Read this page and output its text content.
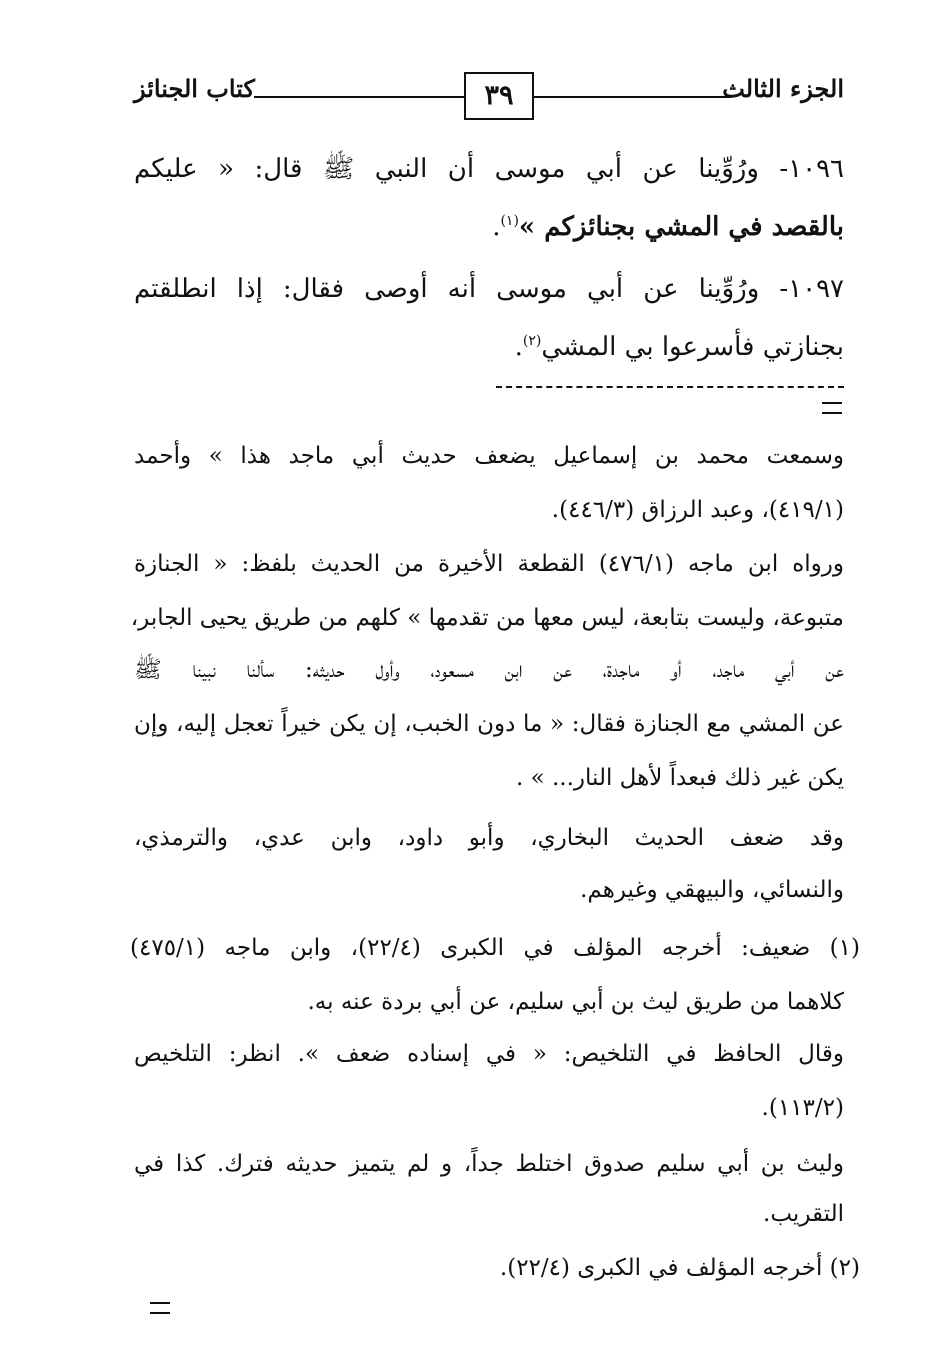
الجزء الثالث
٣٩
كتاب الجنائز
١٠٩٦- ورُوِّينا عن أبي موسى أن النبي ﷺ قال: « عليكم
بالقصد في المشي بجنائزكم »$^{(١)}$.
١٠٩٧- ورُوِّينا عن أبي موسى أنه أوصى فقال: إذا انطلقتم
بجنازتي فأسرعوا بي المشي$^{(٢)}$.
وسمعت محمد بن إسماعيل يضعف حديث أبي ماجد هذا » وأحمد
(٤١٩/١)، وعبد الرزاق (٤٤٦/٣).
ورواه ابن ماجه (٤٧٦/١) القطعة الأخيرة من الحديث بلفظ: « الجنازة
متبوعة، وليست بتابعة، ليس معها من تقدمها » كلهم من طريق يحيى الجابر،
عن أبي ماجد، أو ماجدة، عن ابن مسعود، وأول حديثه: سألنا نبينا ﷺ
عن المشي مع الجنازة فقال: « ما دون الخبب، إن يكن خيراً تعجل إليه، وإن
يكن غير ذلك فبعداً لأهل النار... » .
وقد ضعف الحديث البخاري، وأبو داود، وابن عدي، والترمذي،
والنسائي، والبيهقي وغيرهم.
(١) ضعيف: أخرجه المؤلف في الكبرى (٢٢/٤)، وابن ماجه (٤٧٥/١)
كلاهما من طريق ليث بن أبي سليم، عن أبي بردة عنه به.
وقال الحافظ في التلخيص: « في إسناده ضعف ». انظر: التلخيص
(١١٣/٢).
وليث بن أبي سليم صدوق اختلط جداً، و لم يتميز حديثه فترك. كذا في
التقريب.
(٢) أخرجه المؤلف في الكبرى (٢٢/٤).
